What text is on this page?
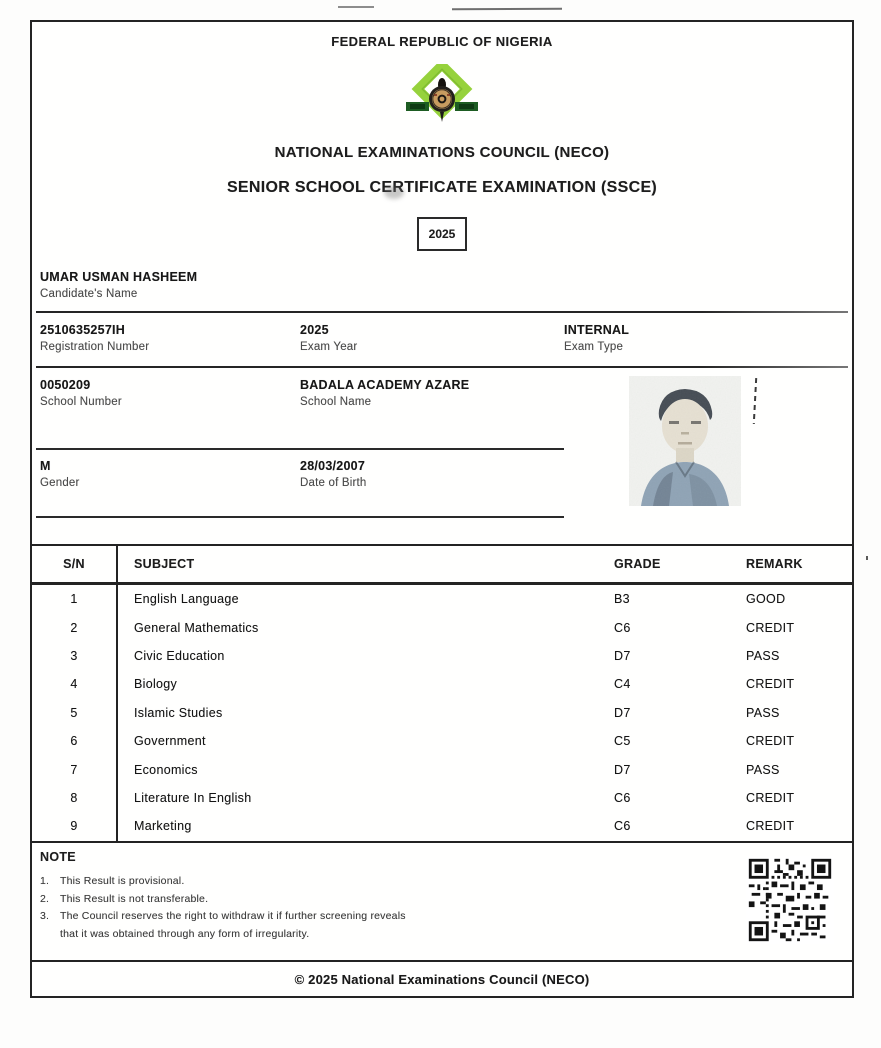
FEDERAL REPUBLIC OF NIGERIA
NATIONAL EXAMINATIONS COUNCIL (NECO)
SENIOR SCHOOL CERTIFICATE EXAMINATION (SSCE)
2025
UMAR USMAN HASHEEM
Candidate's Name
2510635257IH
Registration Number
2025
Exam Year
INTERNAL
Exam Type
0050209
School Number
BADALA ACADEMY AZARE
School Name
M
Gender
28/03/2007
Date of Birth
S/N	SUBJECT	GRADE	REMARK
1	English Language	B3	GOOD
2	General Mathematics	C6	CREDIT
3	Civic Education	D7	PASS
4	Biology	C4	CREDIT
5	Islamic Studies	D7	PASS
6	Government	C5	CREDIT
7	Economics	D7	PASS
8	Literature In English	C6	CREDIT
9	Marketing	C6	CREDIT
NOTE
1.	This Result is provisional.
2.	This Result is not transferable.
3.	The Council reserves the right to withdraw it if further screening reveals
that it was obtained through any form of irregularity.
© 2025 National Examinations Council (NECO)
